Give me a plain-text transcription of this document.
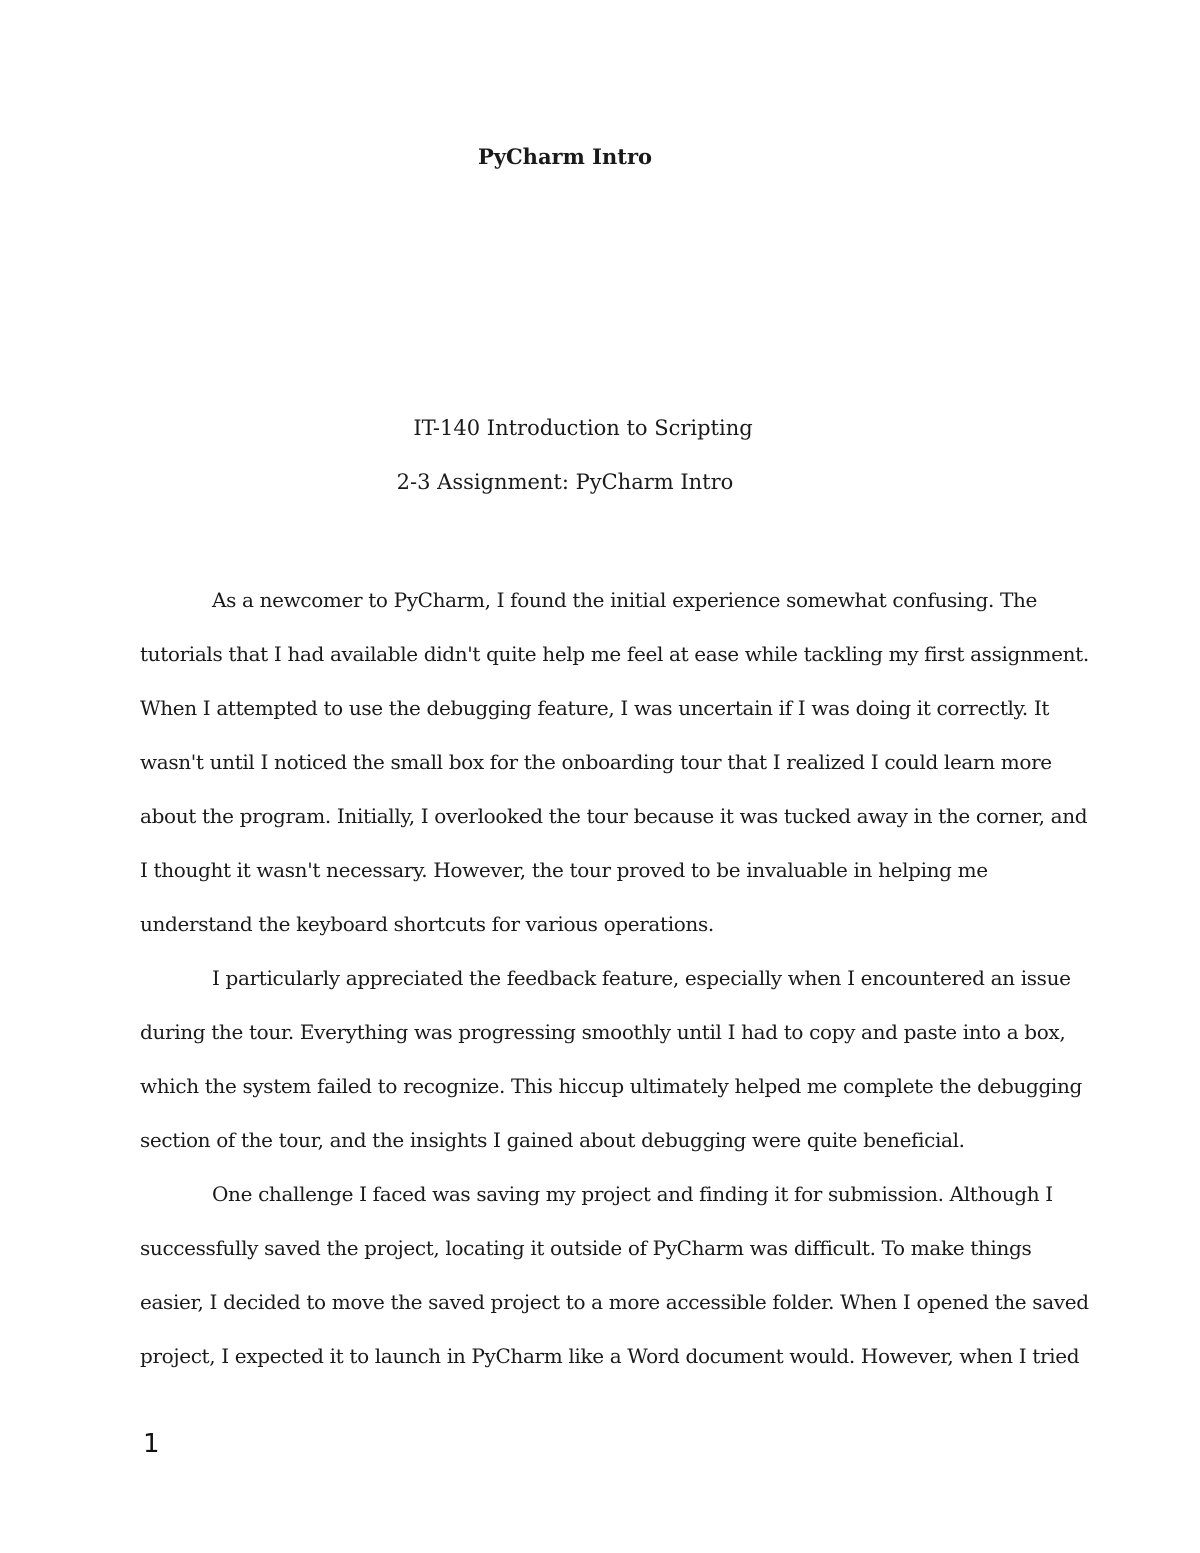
PyCharm Intro
IT-140 Introduction to Scripting
2-3 Assignment: PyCharm Intro
As a newcomer to PyCharm, I found the initial experience somewhat confusing. The
tutorials that I had available didn't quite help me feel at ease while tackling my first assignment.
When I attempted to use the debugging feature, I was uncertain if I was doing it correctly. It
wasn't until I noticed the small box for the onboarding tour that I realized I could learn more
about the program. Initially, I overlooked the tour because it was tucked away in the corner, and
I thought it wasn't necessary. However, the tour proved to be invaluable in helping me
understand the keyboard shortcuts for various operations.
I particularly appreciated the feedback feature, especially when I encountered an issue
during the tour. Everything was progressing smoothly until I had to copy and paste into a box,
which the system failed to recognize. This hiccup ultimately helped me complete the debugging
section of the tour, and the insights I gained about debugging were quite beneficial.
One challenge I faced was saving my project and finding it for submission. Although I
successfully saved the project, locating it outside of PyCharm was difficult. To make things
easier, I decided to move the saved project to a more accessible folder. When I opened the saved
project, I expected it to launch in PyCharm like a Word document would. However, when I tried
1
